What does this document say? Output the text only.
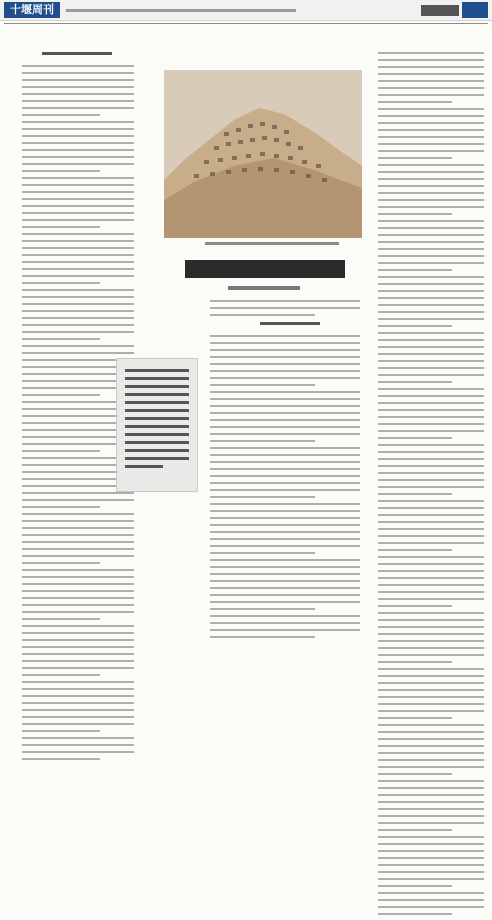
十堰周刊
